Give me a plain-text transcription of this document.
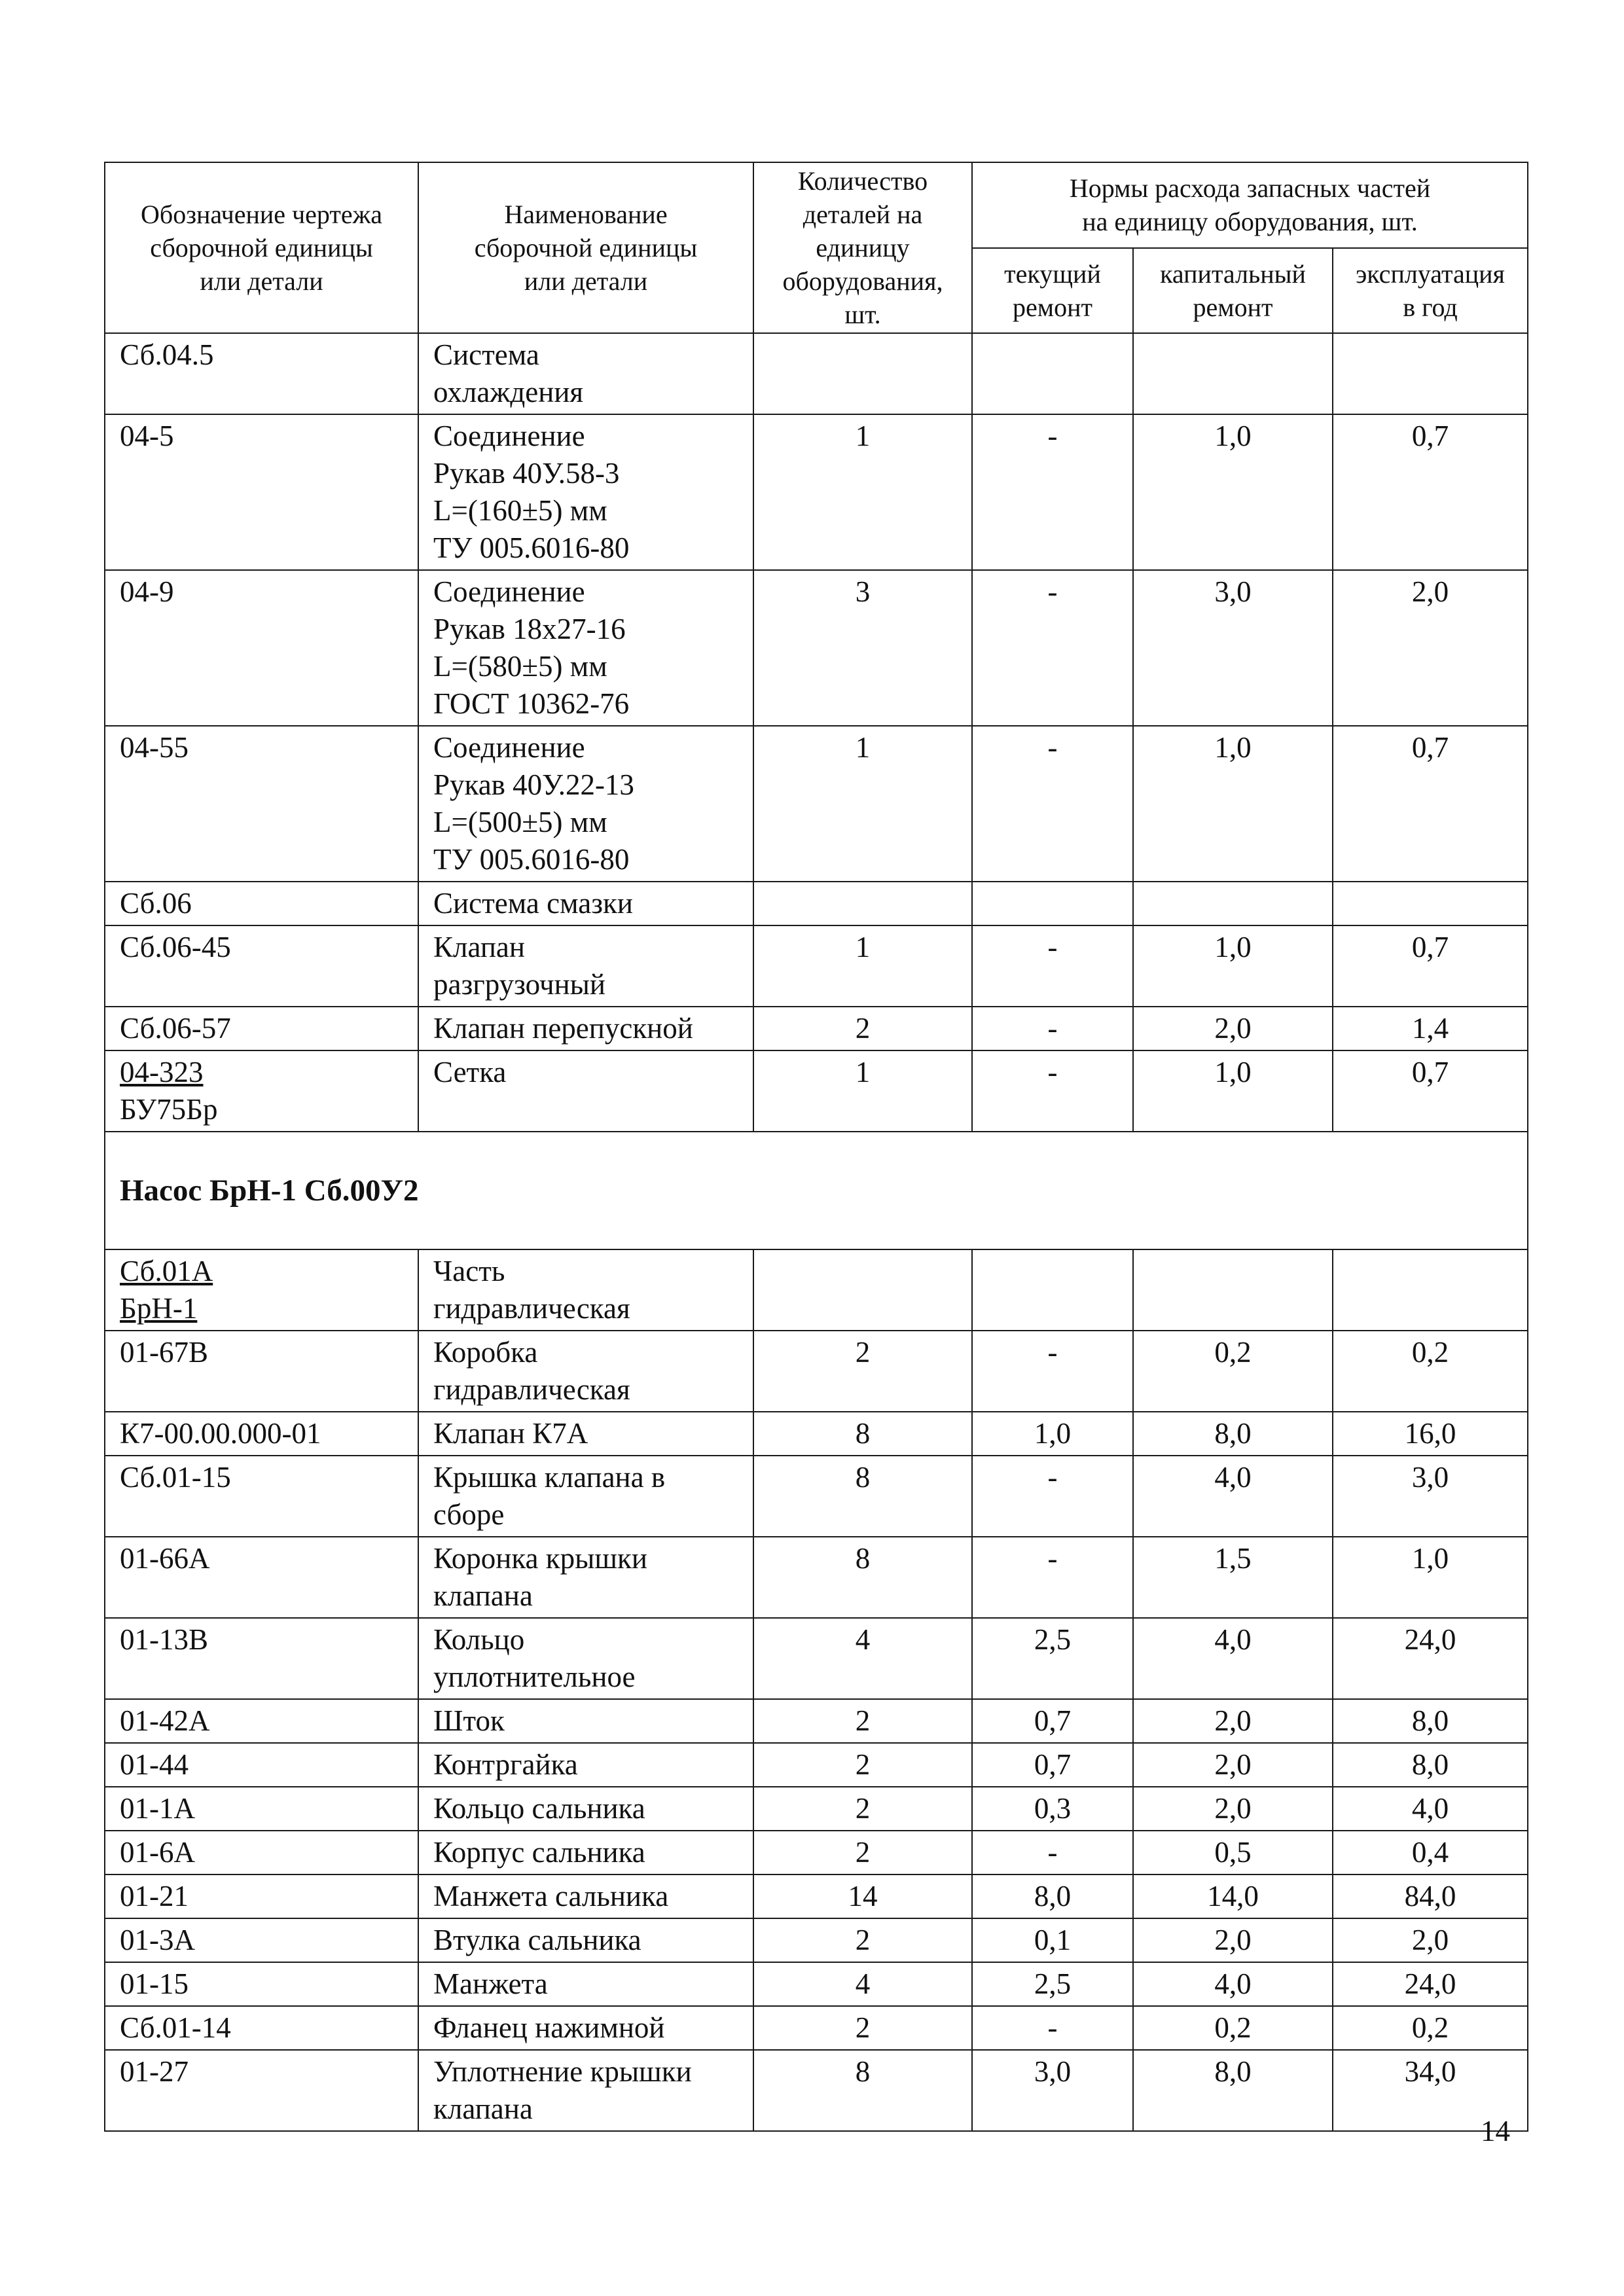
Обозначение чертежа
сборочной единицы
или детали	Наименование
сборочной единицы
или детали	Количество
деталей на
единицу
оборудования,
шт.	Нормы расхода запасных частей
на единицу оборудования, шт.		
			текущий
ремонт	капитальный
ремонт	эксплуатация
в год
Сб.04.5	Система
охлаждения				
04-5	Соединение
Рукав 40У.58-3
L=(160±5) мм
ТУ 005.6016-80	1	-	1,0	0,7
04-9	Соединение
Рукав 18х27-16
L=(580±5) мм
ГОСТ 10362-76	3	-	3,0	2,0
04-55	Соединение
Рукав 40У.22-13
L=(500±5) мм
ТУ 005.6016-80	1	-	1,0	0,7
Сб.06	Система смазки				
Сб.06-45	Клапан
разгрузочный	1	-	1,0	0,7
Сб.06-57	Клапан перепускной	2	-	2,0	1,4
04-323
БУ75Бр	Сетка	1	-	1,0	0,7
Насос БрН-1 Сб.00У2					
Сб.01А
БрН-1	Часть
гидравлическая				
01-67В	Коробка
гидравлическая	2	-	0,2	0,2
К7-00.00.000-01	Клапан К7А	8	1,0	8,0	16,0
Сб.01-15	Крышка клапана в
сборе	8	-	4,0	3,0
01-66А	Коронка крышки
клапана	8	-	1,5	1,0
01-13В	Кольцо
уплотнительное	4	2,5	4,0	24,0
01-42А	Шток	2	0,7	2,0	8,0
01-44	Контргайка	2	0,7	2,0	8,0
01-1А	Кольцо сальника	2	0,3	2,0	4,0
01-6А	Корпус сальника	2	-	0,5	0,4
01-21	Манжета сальника	14	8,0	14,0	84,0
01-3А	Втулка сальника	2	0,1	2,0	2,0
01-15	Манжета	4	2,5	4,0	24,0
Сб.01-14	Фланец нажимной	2	-	0,2	0,2
01-27	Уплотнение крышки
клапана	8	3,0	8,0	34,0
14
